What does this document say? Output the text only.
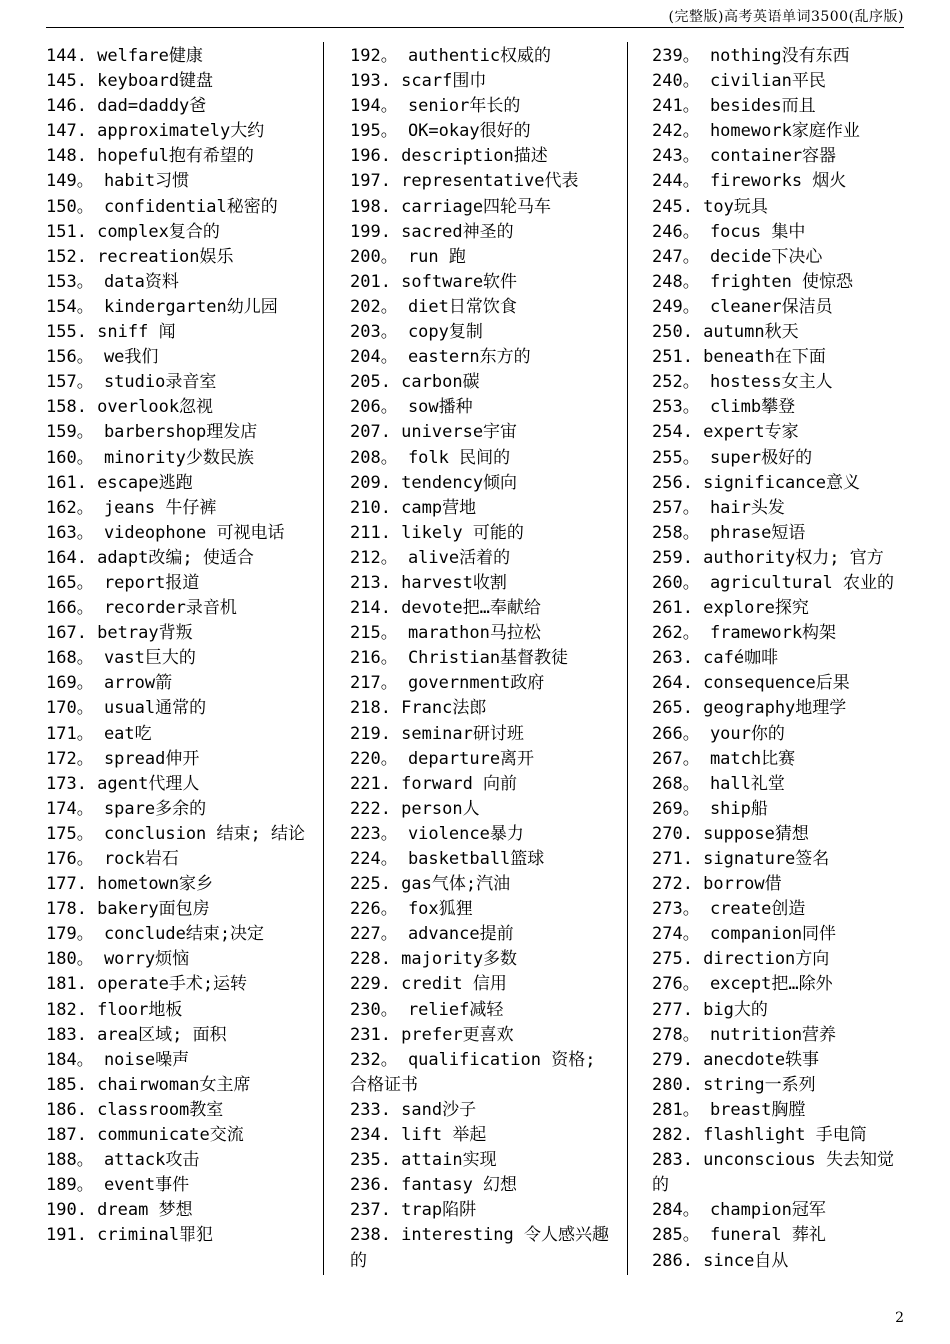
(完整版)高考英语单词3500(乱序版)

144. welfare健康

145. keyboard键盘

146. dad=daddy爸

147. approximately大约

148. hopeful抱有希望的

149。 habit习惯

150。 confidential秘密的

151. complex复合的

152. recreation娱乐

153。 data资料

154。 kindergarten幼儿园

155. sniff 闻

156。 we我们

157。 studio录音室

158. overlook忽视

159。 barbershop理发店

160。 minority少数民族

161. escape逃跑

162。 jeans 牛仔裤

163。 videophone 可视电话

164. adapt改编; 使适合

165。 report报道

166。 recorder录音机

167. betray背叛

168。 vast巨大的

169。 arrow箭

170。 usual通常的

171。 eat吃

172。 spread伸开

173. agent代理人

174。 spare多余的

175。 conclusion 结束; 结论

176。 rock岩石

177. hometown家乡

178. bakery面包房

179。 conclude结束;决定

180。 worry烦恼

181. operate手术;运转

182. floor地板

183. area区域; 面积

184。 noise噪声

185. chairwoman女主席

186. classroom教室

187. communicate交流

188。 attack攻击

189。 event事件

190. dream 梦想

191. criminal罪犯

192。 authentic权威的

193. scarf围巾

194。 senior年长的

195。 OK=okay很好的

196. description描述

197. representative代表

198. carriage四轮马车

199. sacred神圣的

200。 run 跑

201. software软件

202。 diet日常饮食

203。 copy复制

204。 eastern东方的

205. carbon碳

206。 sow播种

207. universe宇宙

208。 folk 民间的

209. tendency倾向

210. camp营地

211. likely 可能的

212。 alive活着的

213. harvest收割

214. devote把…奉献给

215。 marathon马拉松

216。 Christian基督教徒

217。 government政府

218. Franc法郎

219. seminar研讨班

220。 departure离开

221. forward 向前

222. person人

223。 violence暴力

224。 basketball篮球

225. gas气体;汽油

226。 fox狐狸

227。 advance提前

228. majority多数

229. credit 信用

230。 relief减轻

231. prefer更喜欢

232。 qualification 资格; 合格证书

233. sand沙子

234. lift 举起

235. attain实现

236. fantasy 幻想

237. trap陷阱

238. interesting 令人感兴趣的

239。 nothing没有东西

240。 civilian平民

241。 besides而且

242。 homework家庭作业

243。 container容器

244。 fireworks 烟火

245. toy玩具

246。 focus 集中

247。 decide下决心

248。 frighten 使惊恐

249。 cleaner保洁员

250. autumn秋天

251. beneath在下面

252。 hostess女主人

253。 climb攀登

254. expert专家

255。 super极好的

256. significance意义

257。 hair头发

258。 phrase短语

259. authority权力; 官方

260。 agricultural 农业的

261. explore探究

262。 framework构架

263. café咖啡

264. consequence后果

265. geography地理学

266。 your你的

267。 match比赛

268。 hall礼堂

269。 ship船

270. suppose猜想

271. signature签名

272. borrow借

273。 create创造

274。 companion同伴

275. direction方向

276。 except把…除外

277. big大的

278。 nutrition营养

279. anecdote轶事

280. string一系列

281。 breast胸膛

282. flashlight 手电筒

283. unconscious 失去知觉的

284。 champion冠军

285。 funeral 葬礼

286. since自从

2
